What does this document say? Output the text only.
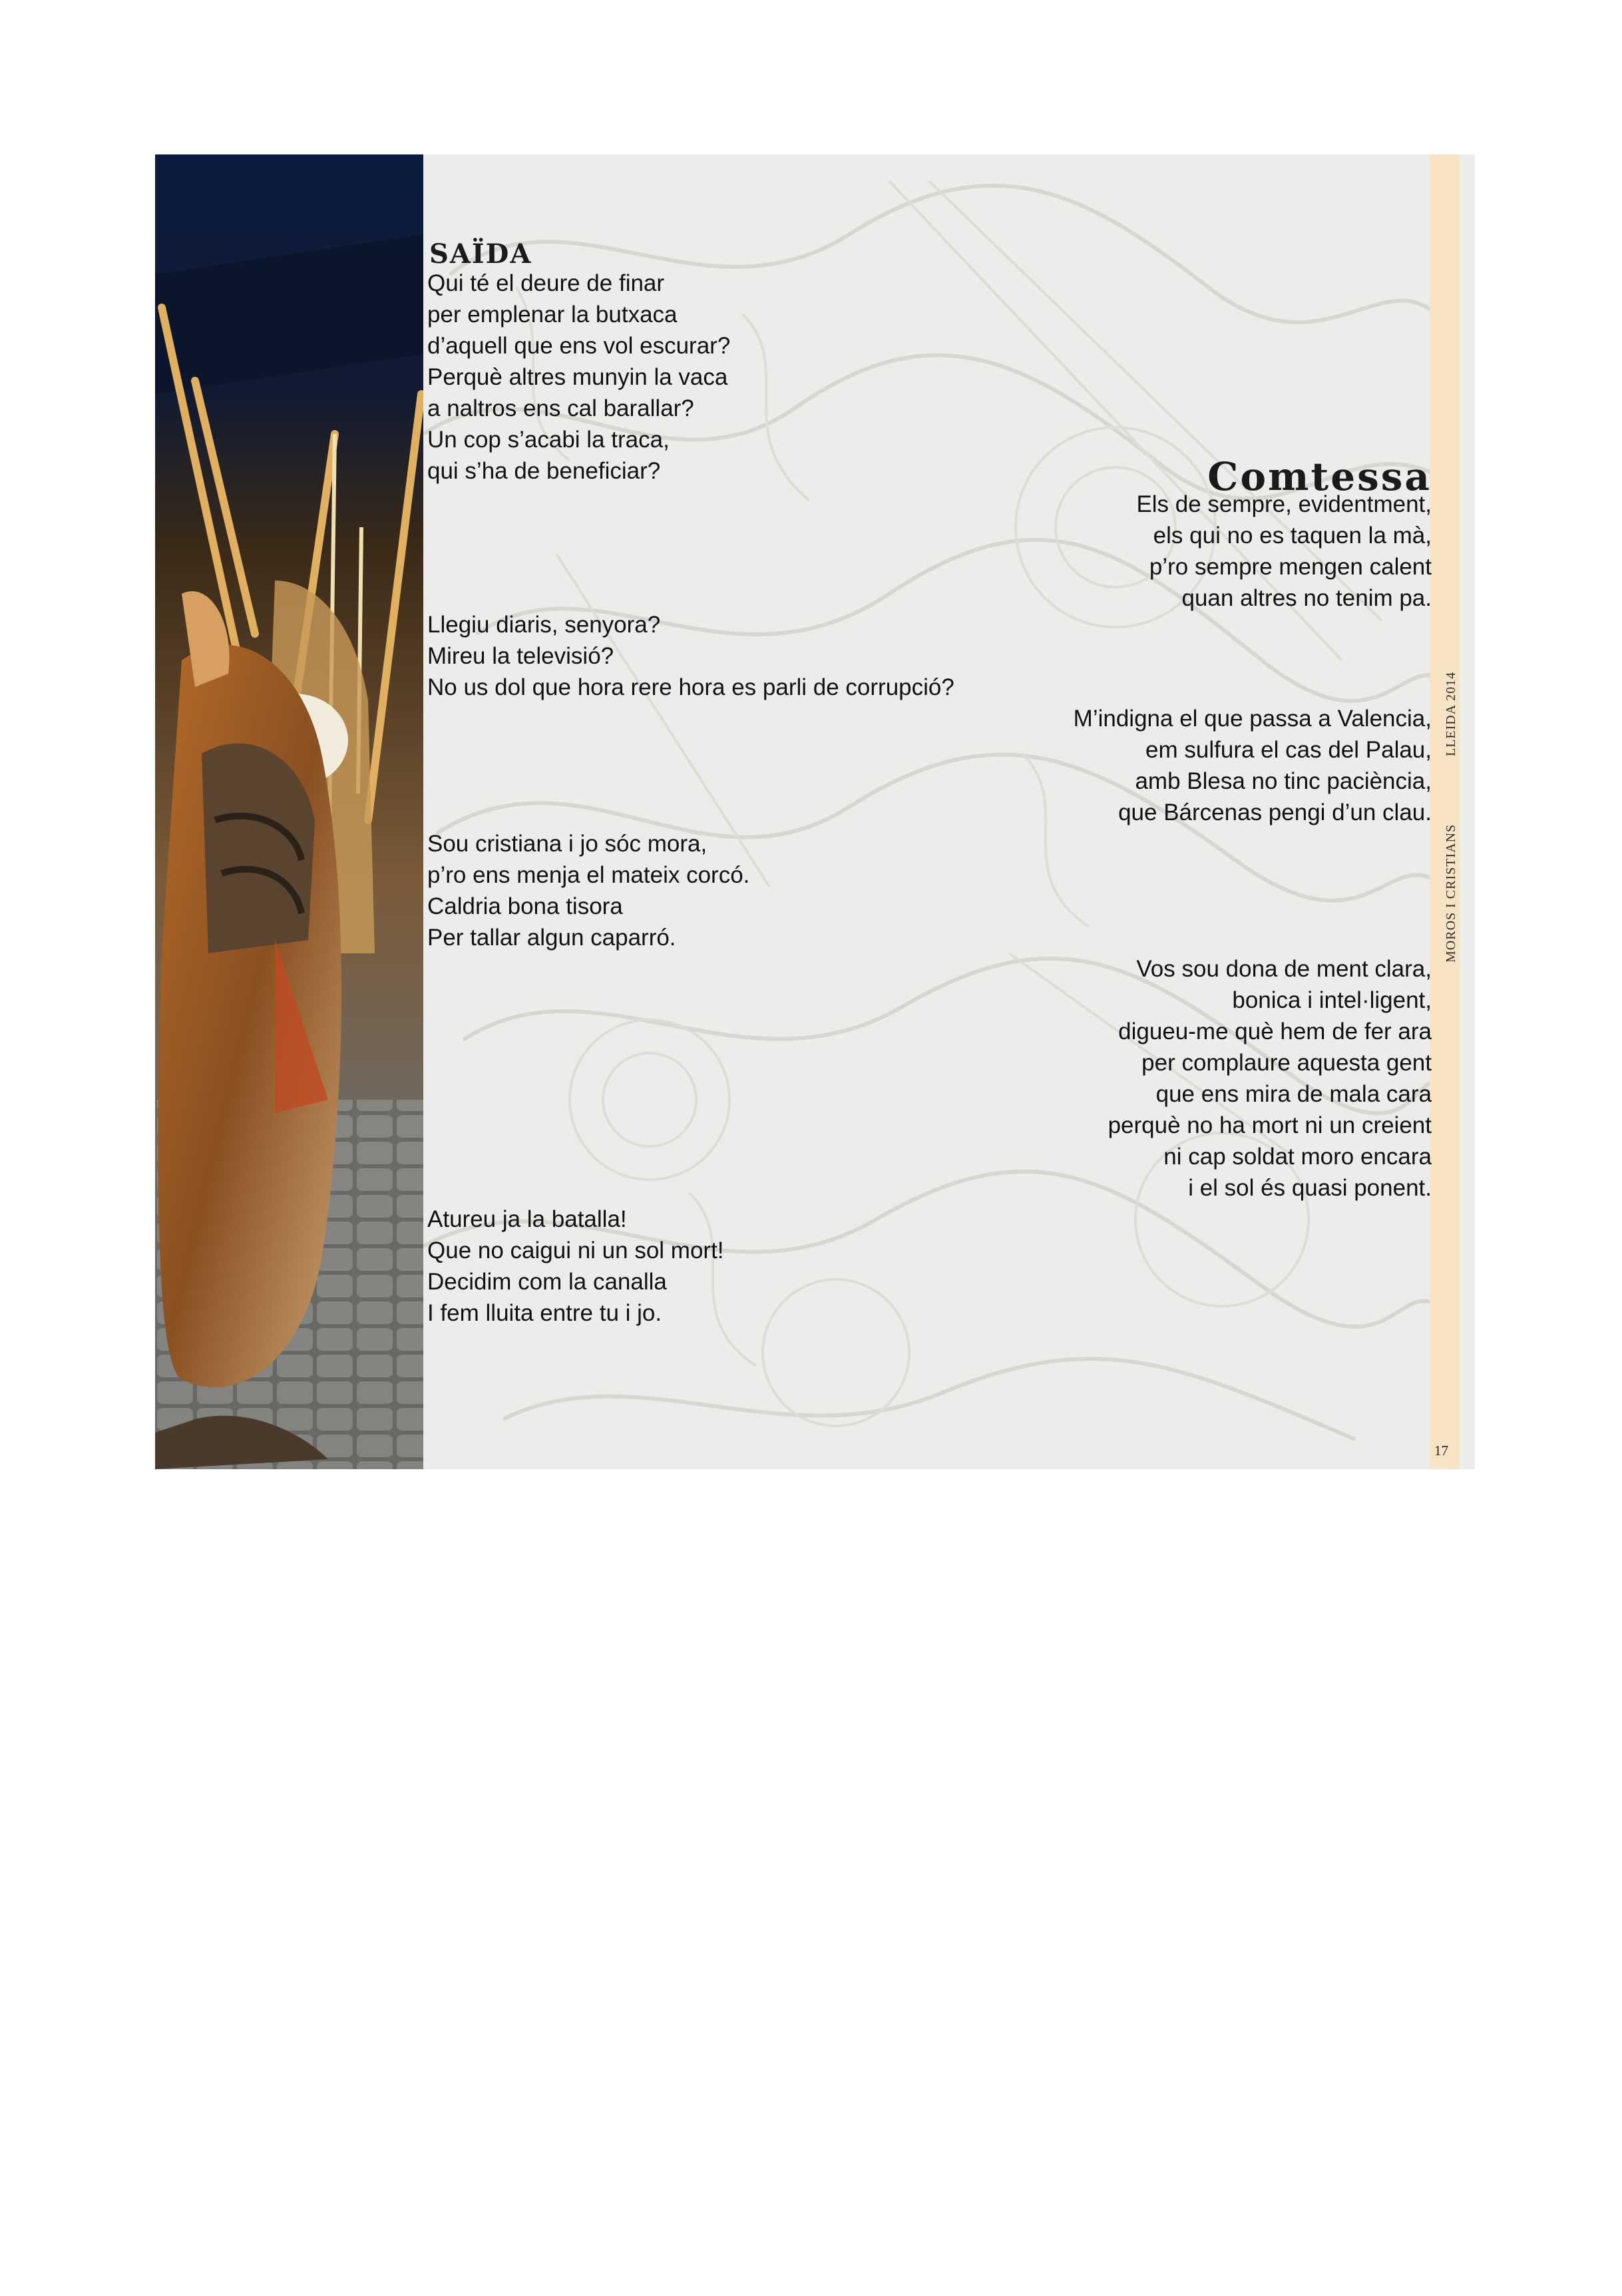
LLEIDA 2014
MOROS I CRISTIANS
17
SAÏDA
Qui té el deure de finar
per emplenar la butxaca
d’aquell que ens vol escurar?
Perquè altres munyin la vaca
a naltros ens cal barallar?
Un cop s’acabi la traca,
qui s’ha de beneficiar?	Comtessa
Els de sempre, evidentment,
els qui no es taquen la mà,
p’ro sempre mengen calent
quan altres no tenim pa.
Llegiu diaris, senyora?
Mireu la televisió?
No us dol que hora rere hora es parli de corrupció?
M’indigna el que passa a Valencia,
em sulfura el cas del Palau,
amb Blesa no tinc paciència,
que Bárcenas pengi d’un clau.
Sou cristiana i jo sóc mora,
p’ro ens menja el mateix corcó.
Caldria bona tisora
Per tallar algun caparró.
Vos sou dona de ment clara,
bonica i intel·ligent,
digueu-me què hem de fer ara
per complaure aquesta gent
que ens mira de mala cara
perquè no ha mort ni un creient
ni cap soldat moro encara
i el sol és quasi ponent.
Atureu ja la batalla!
Que no caigui ni un sol mort!
Decidim com la canalla
I fem lluita entre tu i jo.
